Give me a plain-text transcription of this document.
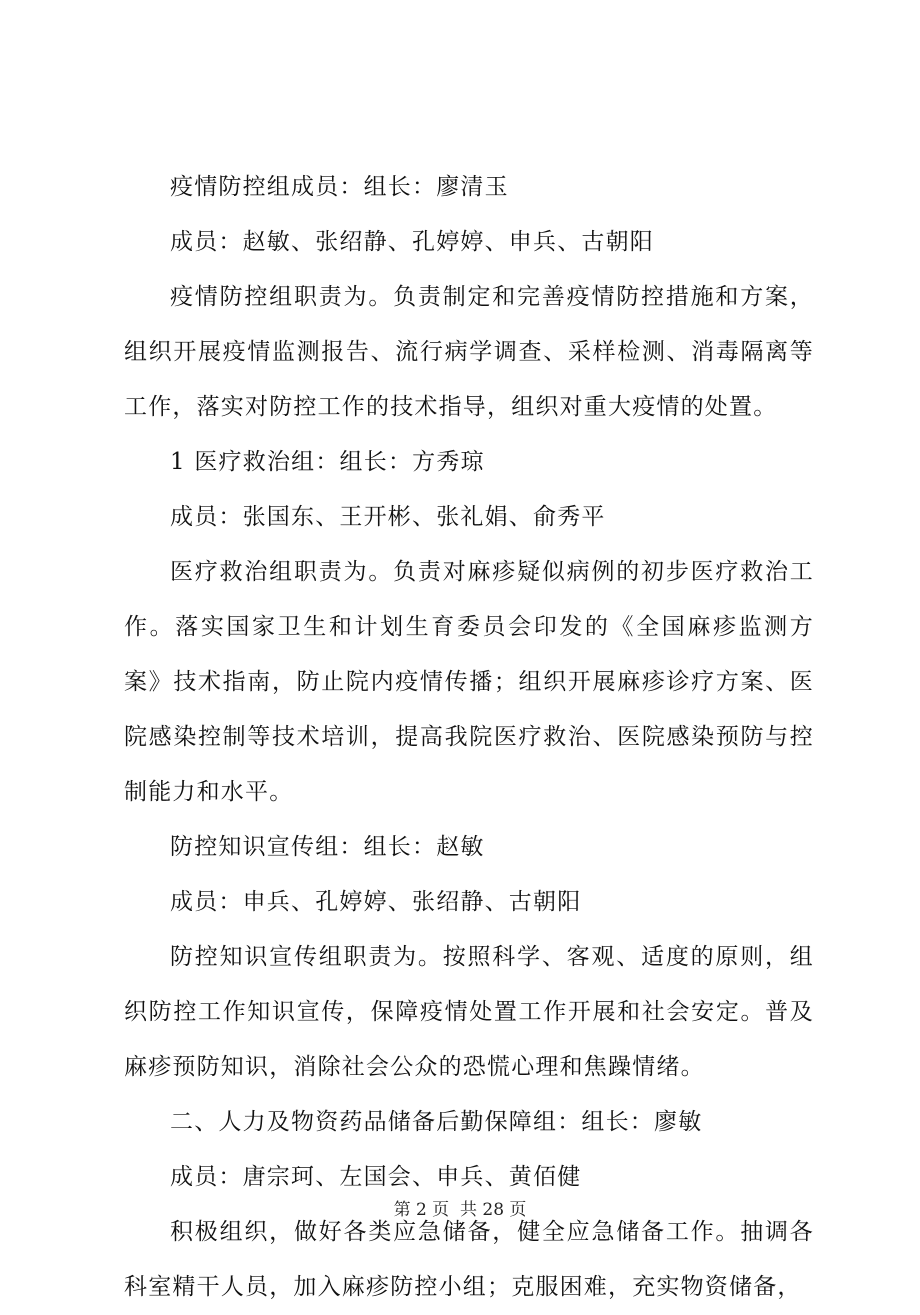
疫情防控组成员：组长：廖清玉

成员：赵敏、张绍静、孔婷婷、申兵、古朝阳

疫情防控组职责为。负责制定和完善疫情防控措施和方案，组织开展疫情监测报告、流行病学调查、采样检测、消毒隔离等工作，落实对防控工作的技术指导，组织对重大疫情的处置。

1 医疗救治组：组长：方秀琼

成员：张国东、王开彬、张礼娟、俞秀平

医疗救治组职责为。负责对麻疹疑似病例的初步医疗救治工作。落实国家卫生和计划生育委员会印发的《全国麻疹监测方案》技术指南，防止院内疫情传播；组织开展麻疹诊疗方案、医院感染控制等技术培训，提高我院医疗救治、医院感染预防与控制能力和水平。

防控知识宣传组：组长：赵敏

成员：申兵、孔婷婷、张绍静、古朝阳

防控知识宣传组职责为。按照科学、客观、适度的原则，组织防控工作知识宣传，保障疫情处置工作开展和社会安定。普及麻疹预防知识，消除社会公众的恐慌心理和焦躁情绪。

二、人力及物资药品储备后勤保障组：组长：廖敏

成员：唐宗珂、左国会、申兵、黄佰健

积极组织，做好各类应急储备，健全应急储备工作。抽调各科室精干人员，加入麻疹防控小组；克服困难，充实物资储备，

第 2 页  共 28 页
